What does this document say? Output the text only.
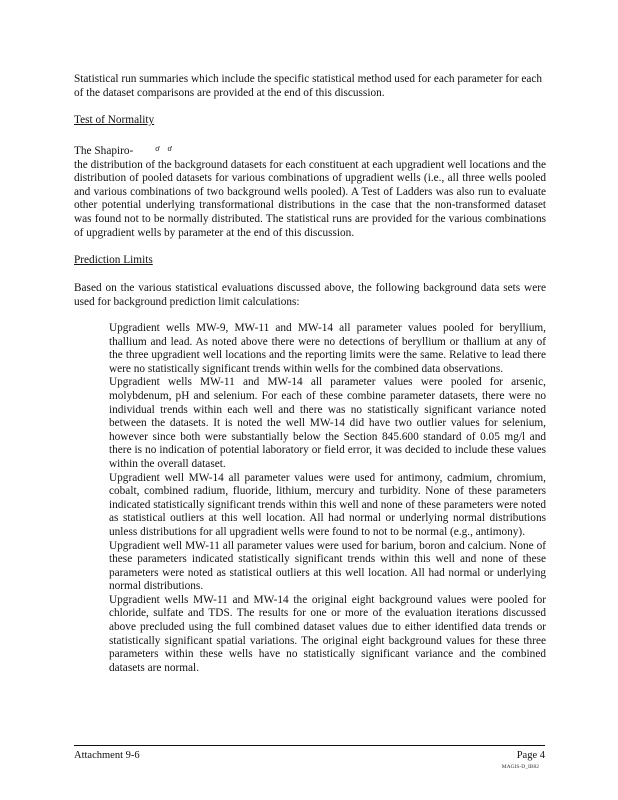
Statistical run summaries which include the specific statistical method used for each parameter for each of the dataset comparisons are provided at the end of this discussion.

Test of Normality

The Shapiro-	ơ ơ
the distribution of the background datasets for each constituent at each upgradient well locations and the distribution of pooled datasets for various combinations of upgradient wells (i.e., all three wells pooled and various combinations of two background wells pooled). A Test of Ladders was also run to evaluate other potential underlying transformational distributions in the case that the non-transformed dataset was found not to be normally distributed. The statistical runs are provided for the various combinations of upgradient wells by parameter at the end of this discussion.

Prediction Limits

Based on the various statistical evaluations discussed above, the following background data sets were used for background prediction limit calculations:

Upgradient wells MW-9, MW-11 and MW-14 all parameter values pooled for beryllium, thallium and lead. As noted above there were no detections of beryllium or thallium at any of the three upgradient well locations and the reporting limits were the same. Relative to lead there were no statistically significant trends within wells for the combined data observations.

Upgradient wells MW-11 and MW-14 all parameter values were pooled for arsenic, molybdenum, pH and selenium. For each of these combine parameter datasets, there were no individual trends within each well and there was no statistically significant variance noted between the datasets. It is noted the well MW-14 did have two outlier values for selenium, however since both were substantially below the Section 845.600 standard of 0.05 mg/l and there is no indication of potential laboratory or field error, it was decided to include these values within the overall dataset.

Upgradient well MW-14 all parameter values were used for antimony, cadmium, chromium, cobalt, combined radium, fluoride, lithium, mercury and turbidity. None of these parameters indicated statistically significant trends within this well and none of these parameters were noted as statistical outliers at this well location. All had normal or underlying normal distributions unless distributions for all upgradient wells were found to not to be normal (e.g., antimony).

Upgradient well MW-11 all parameter values were used for barium, boron and calcium. None of these parameters indicated statistically significant trends within this well and none of these parameters were noted as statistical outliers at this well location. All had normal or underlying normal distributions.

Upgradient wells MW-11 and MW-14 the original eight background values were pooled for chloride, sulfate and TDS. The results for one or more of the evaluation iterations discussed above precluded using the full combined dataset values due to either identified data trends or statistically significant spatial variations. The original eight background values for these three parameters within these wells have no statistically significant variance and the combined datasets are normal.

Attachment 9-6	Page 4
MAGIS-D_IB82
